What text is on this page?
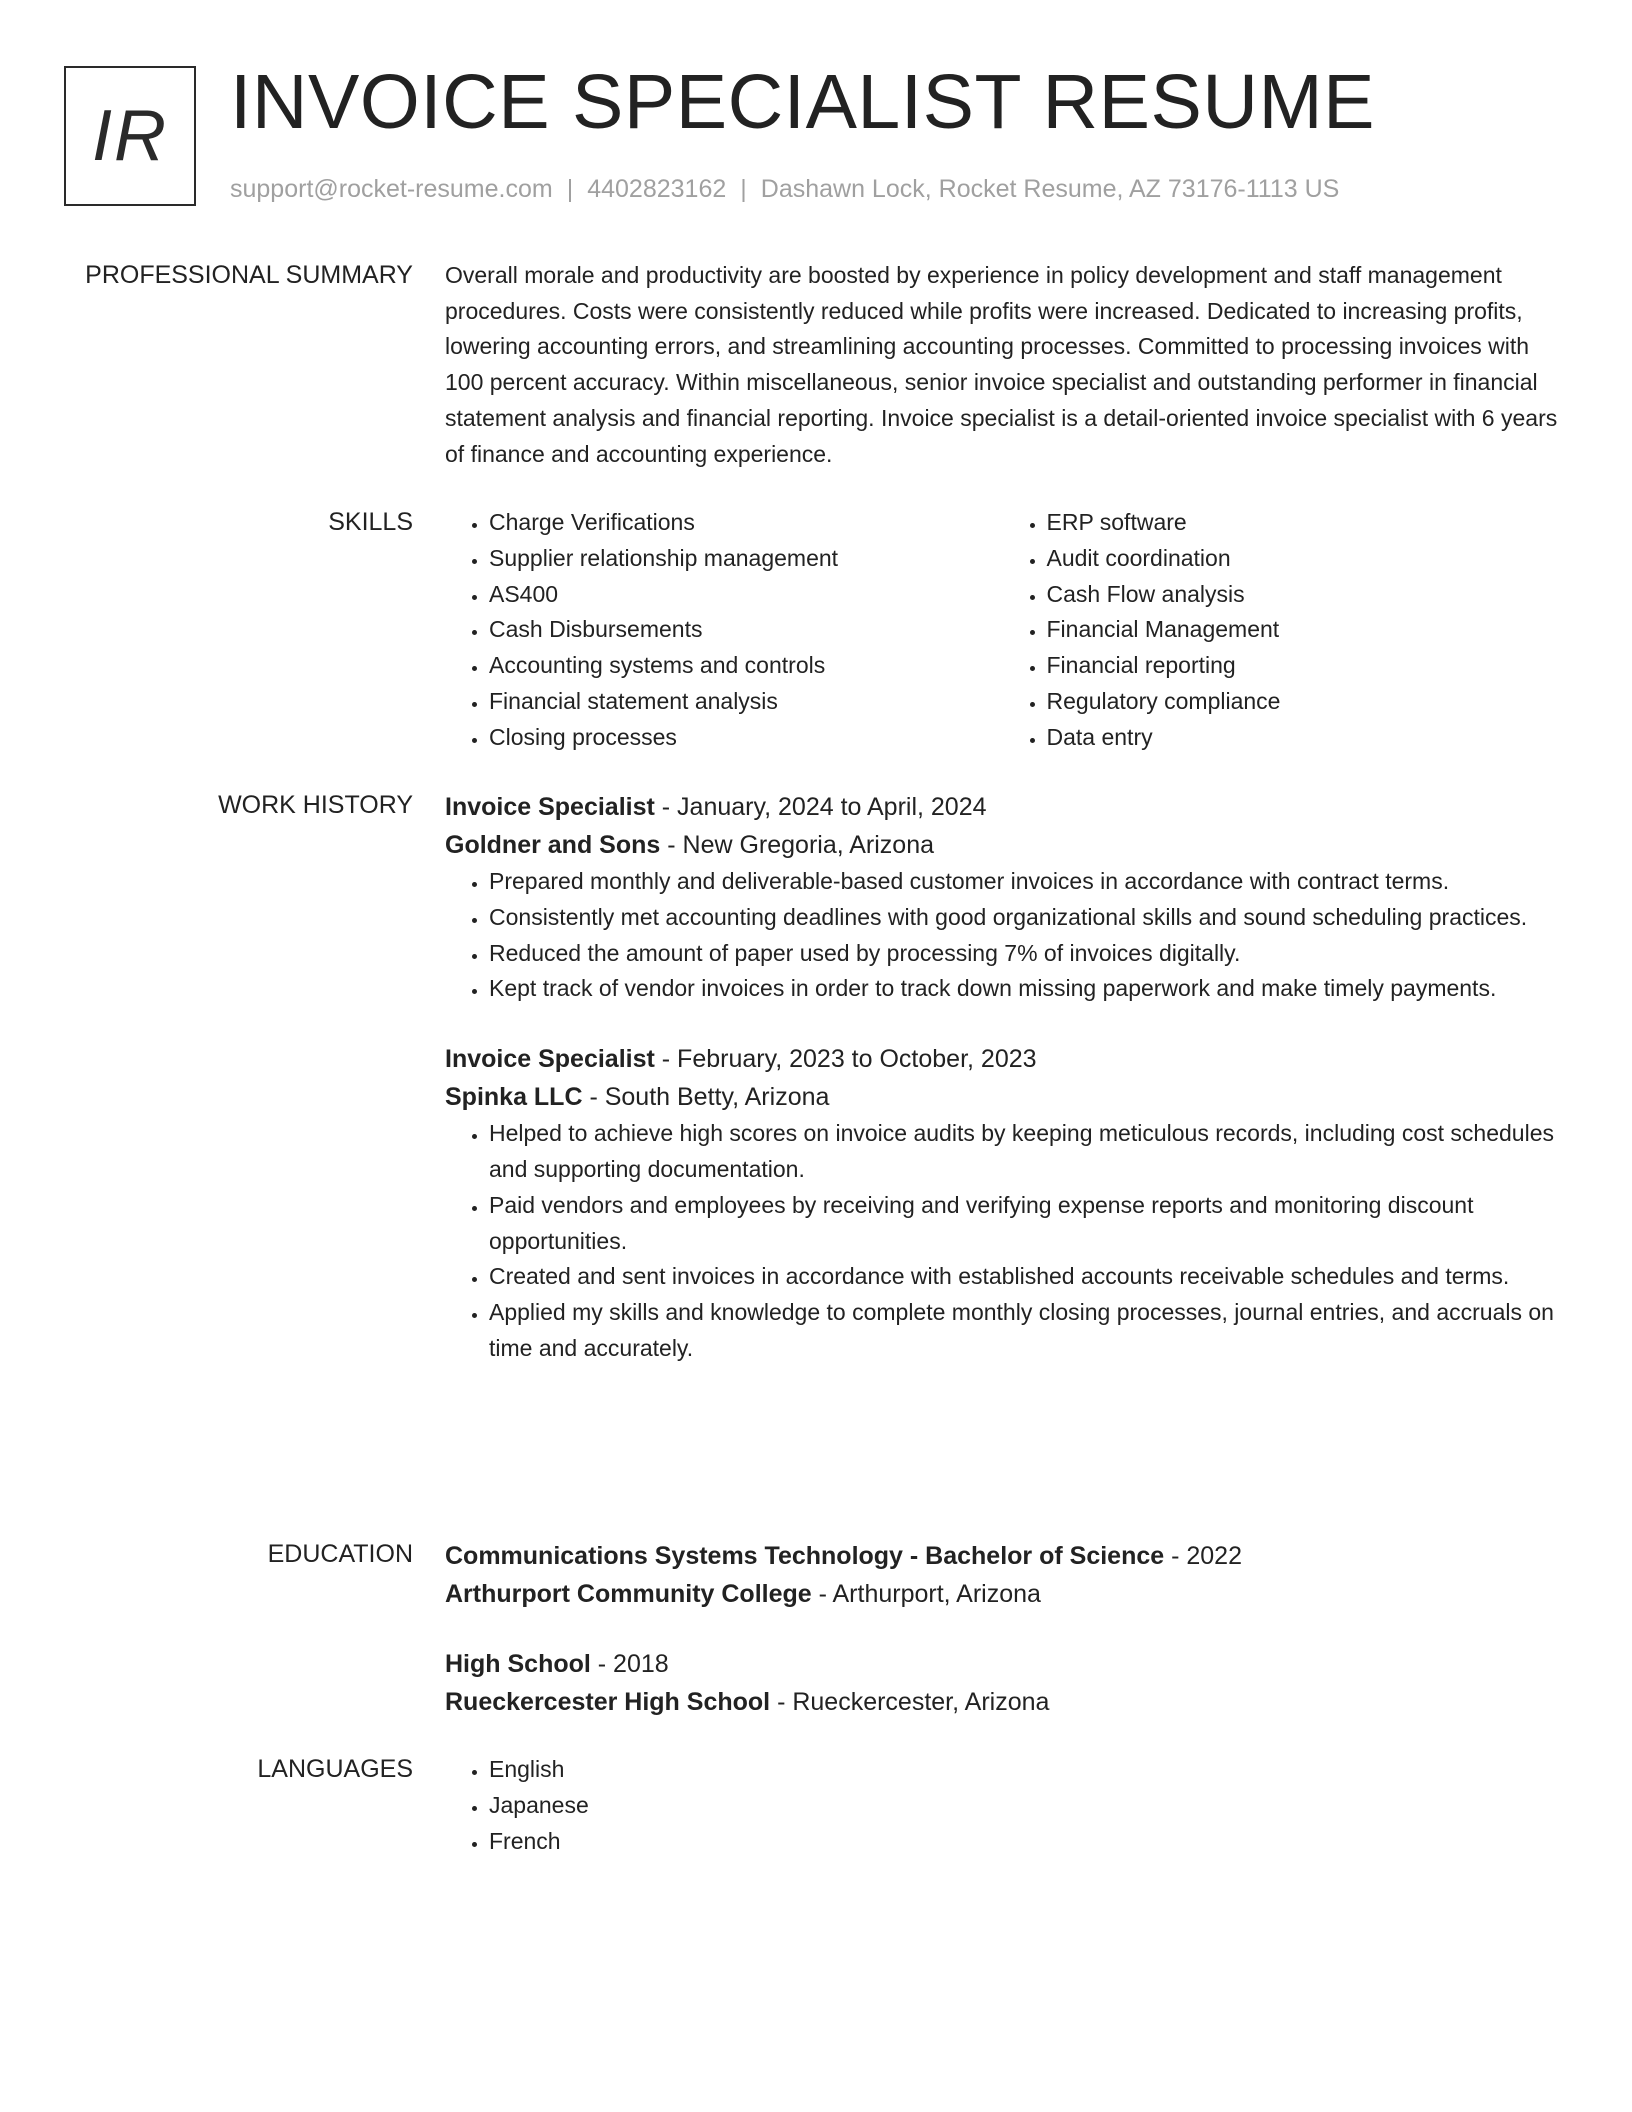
IR INVOICE SPECIALIST RESUME
support@rocket-resume.com | 4402823162 | Dashawn Lock, Rocket Resume, AZ 73176-1113 US
PROFESSIONAL SUMMARY Overall morale and productivity are boosted by experience in policy development and staff management procedures. Costs were consistently reduced while profits were increased. Dedicated to increasing profits, lowering accounting errors, and streamlining accounting processes. Committed to processing invoices with 100 percent accuracy. Within miscellaneous, senior invoice specialist and outstanding performer in financial statement analysis and financial reporting. Invoice specialist is a detail-oriented invoice specialist with 6 years of finance and accounting experience.

SKILLS	• Charge Verifications
• Supplier relationship management
• AS400
• Cash Disbursements
• Accounting systems and controls
• Financial statement analysis
• Closing processes
• ERP software
• Audit coordination
• Cash Flow analysis
• Financial Management
• Financial reporting
• Regulatory compliance
• Data entry
WORK HISTORY Invoice Specialist - January, 2024 to April, 2024
Goldner and Sons - New Gregoria, Arizona
• Prepared monthly and deliverable-based customer invoices in accordance with contract terms.
• Consistently met accounting deadlines with good organizational skills and sound scheduling practices.
• Reduced the amount of paper used by processing 7% of invoices digitally.
• Kept track of vendor invoices in order to track down missing paperwork and make timely payments.
Invoice Specialist - February, 2023 to October, 2023
Spinka LLC - South Betty, Arizona
• Helped to achieve high scores on invoice audits by keeping meticulous records, including cost schedules and supporting documentation.
• Paid vendors and employees by receiving and verifying expense reports and monitoring discount opportunities.
• Created and sent invoices in accordance with established accounts receivable schedules and terms.
• Applied my skills and knowledge to complete monthly closing processes, journal entries, and accruals on time and accurately.
EDUCATION Communications Systems Technology - Bachelor of Science - 2022
Arthurport Community College - Arthurport, Arizona
High School - 2018
Rueckercester High School - Rueckercester, Arizona
LANGUAGES	• English
• Japanese
• French
